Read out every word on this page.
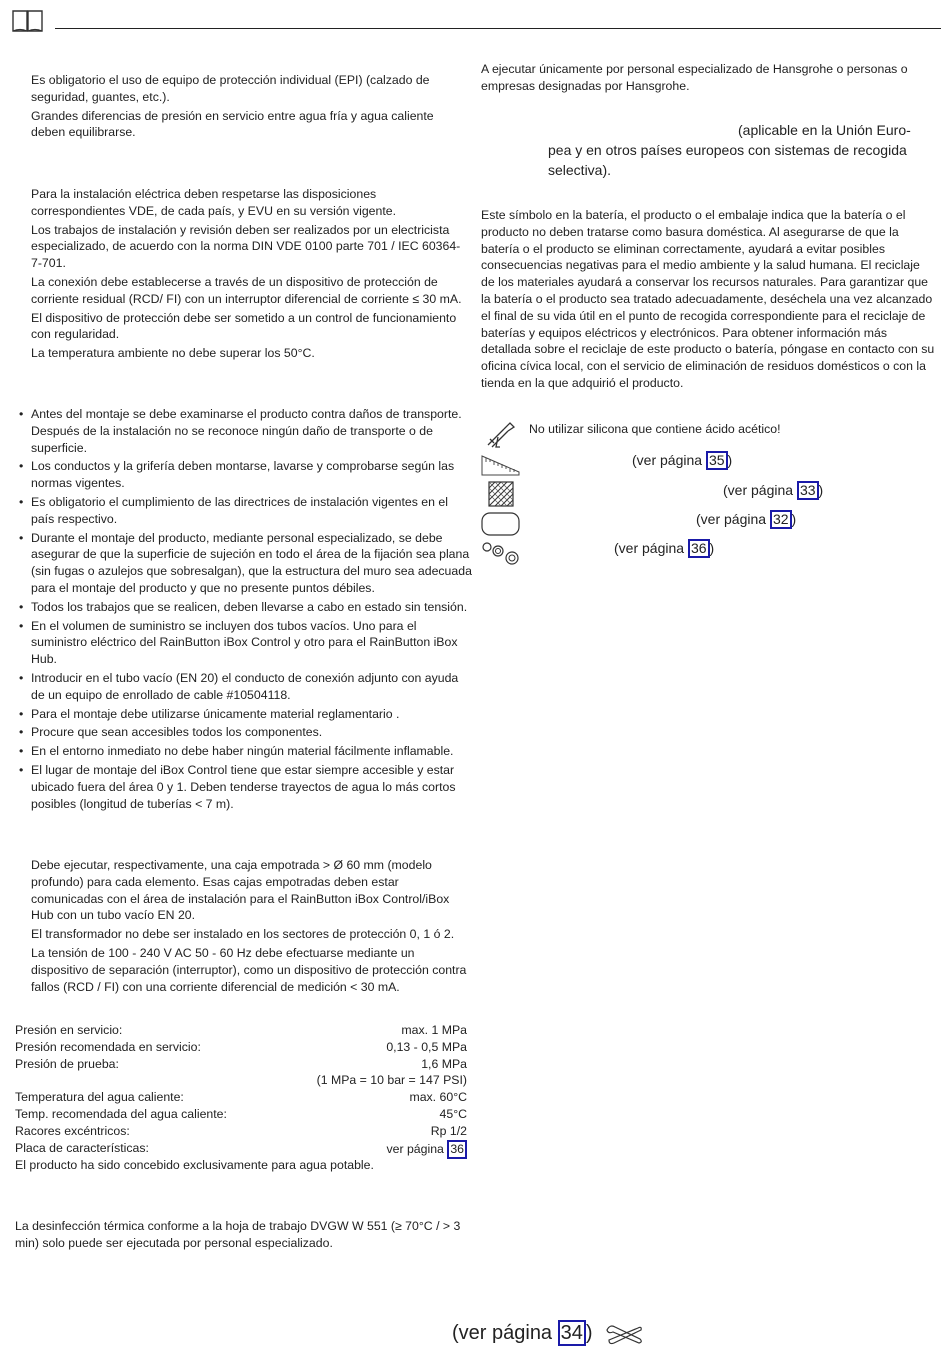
Es obligatorio el uso de equipo de protección individual (EPI) (calzado de seguridad, guantes, etc.).

Grandes diferencias de presión en servicio entre agua fría y agua caliente deben equilibrarse.

Para la instalación eléctrica deben respetarse las disposiciones correspondientes VDE, de cada país, y EVU en su versión vigente.

Los trabajos de instalación y revisión deben ser realizados por un electricista especializado, de acuerdo con la norma DIN VDE 0100 parte 701 / IEC 60364-7-701.

La conexión debe establecerse a través de un dispositivo de protección de corriente residual (RCD/ FI) con un interruptor diferencial de corriente ≤ 30 mA.

El dispositivo de protección debe ser sometido a un control de funcionamiento con regularidad.

La temperatura ambiente no debe superar los 50°C.

• Antes del montaje se debe examinarse el producto contra daños de transporte. Después de la instalación no se reconoce ningún daño de transporte o de superficie.
• Los conductos y la grifería deben montarse, lavarse y comprobarse según las normas vigentes.
• Es obligatorio el cumplimiento de las directrices de instalación vigentes en el país respectivo.
• Durante el montaje del producto, mediante personal especializado, se debe asegurar de que la superficie de sujeción en todo el área de la fijación sea plana (sin fugas o azulejos que sobresalgan), que la estructura del muro sea adecuada para el montaje del producto y que no presente puntos débiles.
• Todos los trabajos que se realicen, deben llevarse a cabo en estado sin tensión.
• En el volumen de suministro se incluyen dos tubos vacíos. Uno para el suministro eléctrico del RainButton iBox Control y otro para el RainButton iBox Hub.
• Introducir en el tubo vacío (EN 20) el conducto de conexión adjunto con ayuda de un equipo de enrollado de cable #10504118.
• Para el montaje debe utilizarse únicamente material reglamentario .
• Procure que sean accesibles todos los componentes.
• En el entorno inmediato no debe haber ningún material fácilmente inflamable.
• El lugar de montaje del iBox Control tiene que estar siempre accesible y estar ubicado fuera del área 0 y 1. Deben tenderse trayectos de agua lo más cortos posibles (longitud de tuberías < 7 m).

Debe ejecutar, respectivamente, una caja empotrada > Ø 60 mm (modelo profundo) para cada elemento. Esas cajas empotradas deben estar comunicadas con el área de instalación para el RainButton iBox Control/iBox Hub con un tubo vacío EN 20.

El transformador no debe ser instalado en los sectores de protección 0, 1 ó 2.

La tensión de 100 - 240 V AC 50 - 60 Hz debe efectuarse mediante un dispositivo de separación (interruptor), como un dispositivo de protección contra fallos (RCD / FI) con una corriente diferencial de medición < 30 mA.

Presión en servicio:	max. 1 MPa
Presión recomendada en servicio:	0,13 - 0,5 MPa
Presión de prueba:	1,6 MPa
(1 MPa = 10 bar = 147 PSI)
Temperatura del agua caliente:	max. 60°C
Temp. recomendada del agua caliente:	45°C
Racores excéntricos:	Rp 1/2
Placa de características:	ver página 36
El producto ha sido concebido exclusivamente para agua potable.
La desinfección térmica conforme a la hoja de trabajo DVGW W 551 (≥ 70°C / > 3 min) solo puede ser ejecutada por personal especializado.
A ejecutar únicamente por personal especializado de Hansgrohe o personas o empresas designadas por Hansgrohe.
(aplicable en la Unión Euro-
pea y en otros países europeos con sistemas de recogida selectiva).
Este símbolo en la batería, el producto o el embalaje indica que la batería o el producto no deben tratarse como basura doméstica. Al asegurarse de que la batería o el producto se eliminan correctamente, ayudará a evitar posibles consecuencias negativas para el medio ambiente y la salud humana. El reciclaje de los materiales ayudará a conservar los recursos naturales. Para garantizar que la batería o el producto sea tratado adecuadamente, deséchela una vez alcanzado el final de su vida útil en el punto de recogida correspondiente para el reciclaje de baterías y equipos eléctricos y electrónicos. Para obtener información más detallada sobre el reciclaje de este producto o batería, póngase en contacto con su oficina cívica local, con el servicio de eliminación de residuos domésticos o con la tienda en la que adquirió el producto.
No utilizar silicona que contiene ácido acético!
(ver página 35 )
(ver página 33 )
(ver página 32 )
(ver página 36 )
(ver página 34 )
